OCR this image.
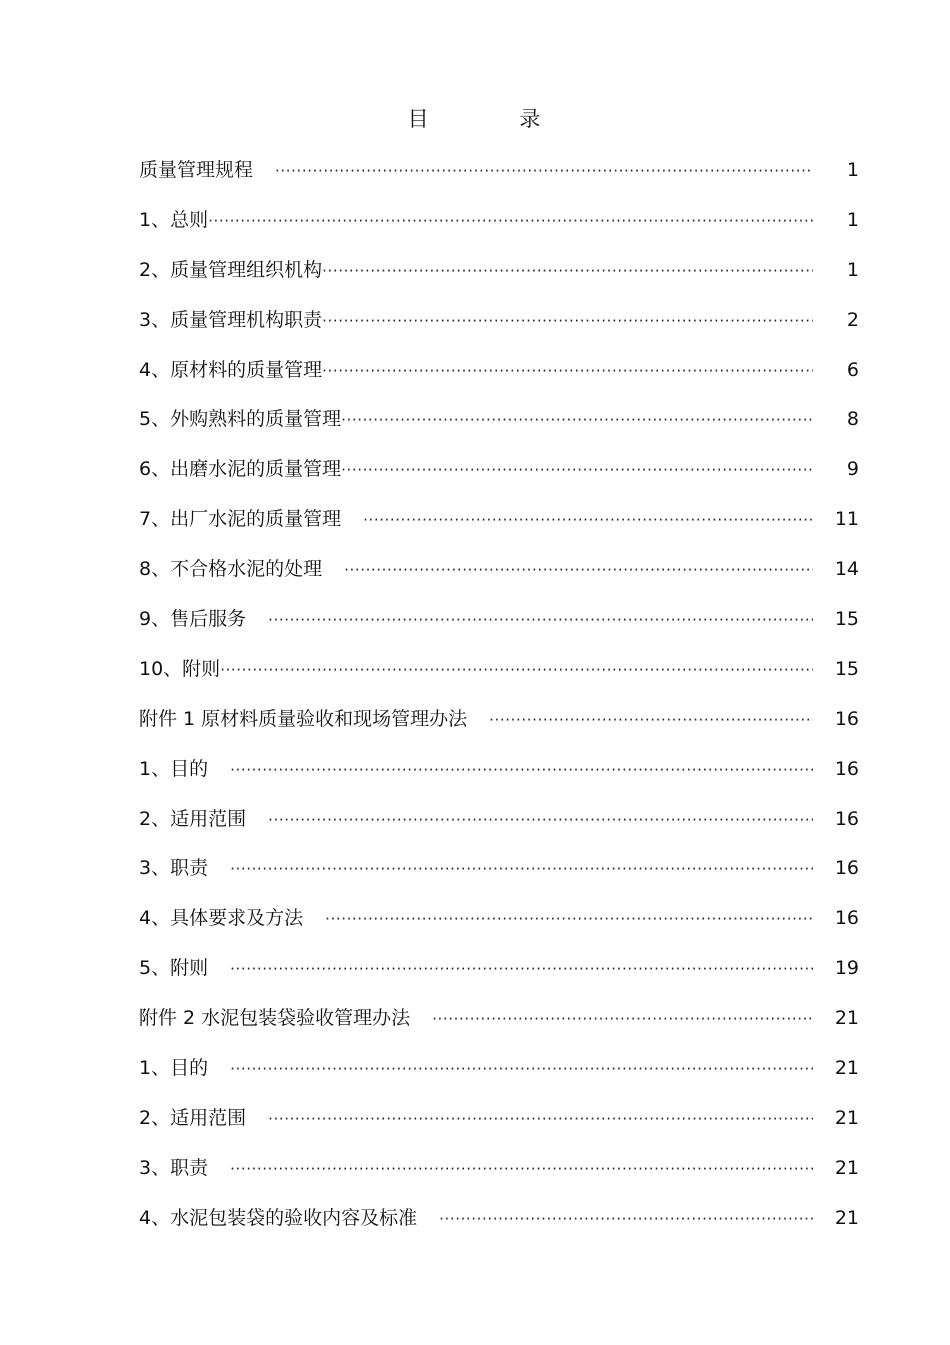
目 录
质量管理规程 ·····	1
1、总则 ·····	1
2、质量管理组织机构 ·····	1
3、质量管理机构职责 ·····	2
4、原材料的质量管理 ·····	6
5、外购熟料的质量管理 ·····	8
6、出磨水泥的质量管理 ·····	9
7、出厂水泥的质量管理 ·····	11
8、不合格水泥的处理 ·····	14
9、售后服务 ·····	15
10、附则 ·····	15
附件 1 原材料质量验收和现场管理办法 ·····	16
1、目的 ·····	16
2、适用范围 ·····	16
3、职责 ·····	16
4、具体要求及方法 ·····	16
5、附则 ·····	19
附件 2 水泥包装袋验收管理办法 ·····	21
1、目的 ·····	21
2、适用范围 ·····	21
3、职责 ·····	21
4、水泥包装袋的验收内容及标准 ·····	21
